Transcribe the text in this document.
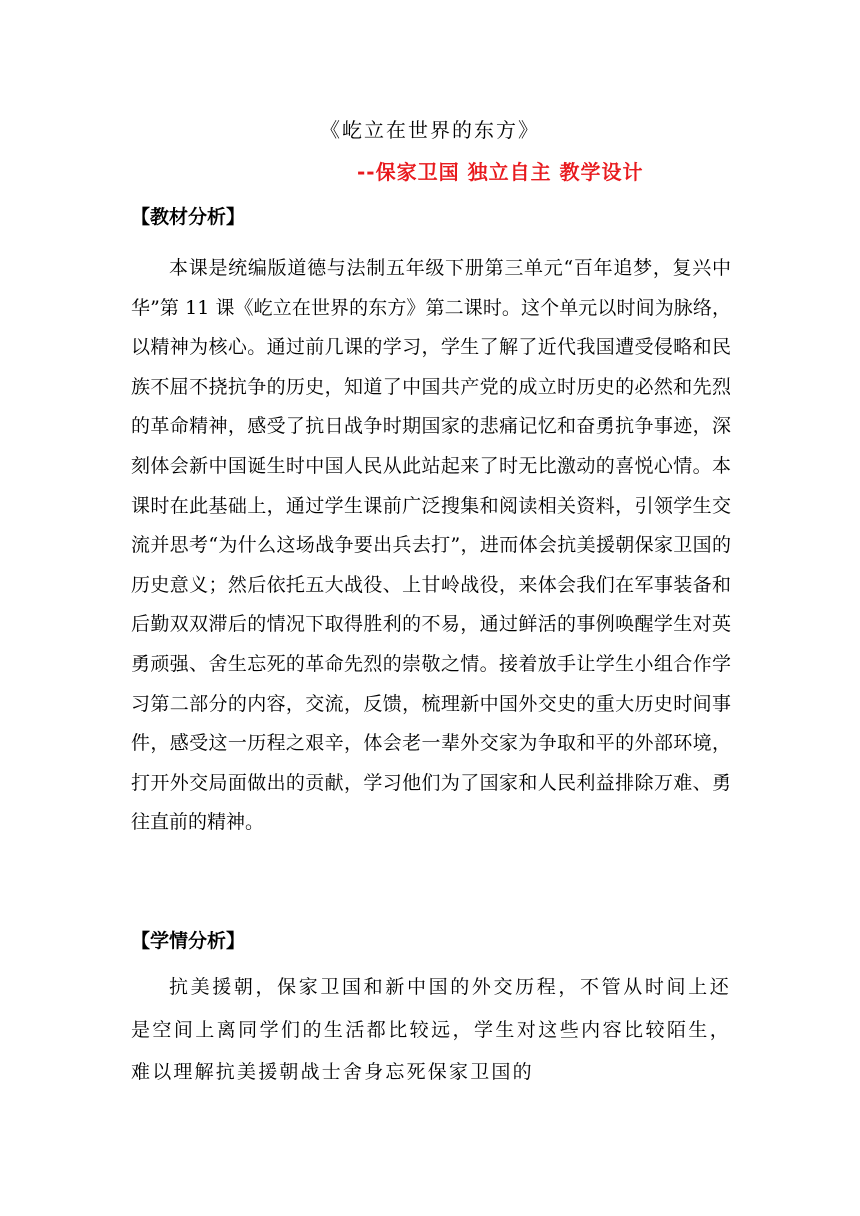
《屹立在世界的东方》
--保家卫国 独立自主 教学设计
【教材分析】

本课是统编版道德与法制五年级下册第三单元“百年追梦，复兴中华”第 11 课《屹立在世界的东方》第二课时。这个单元以时间为脉络，以精神为核心。通过前几课的学习，学生了解了近代我国遭受侵略和民族不屈不挠抗争的历史，知道了中国共产党的成立时历史的必然和先烈的革命精神，感受了抗日战争时期国家的悲痛记忆和奋勇抗争事迹，深刻体会新中国诞生时中国人民从此站起来了时无比激动的喜悦心情。本课时在此基础上，通过学生课前广泛搜集和阅读相关资料，引领学生交流并思考“为什么这场战争要出兵去打”，进而体会抗美援朝保家卫国的历史意义；然后依托五大战役、上甘岭战役，来体会我们在军事装备和后勤双双滞后的情况下取得胜利的不易，通过鲜活的事例唤醒学生对英勇顽强、舍生忘死的革命先烈的崇敬之情。接着放手让学生小组合作学习第二部分的内容，交流，反馈，梳理新中国外交史的重大历史时间事件，感受这一历程之艰辛，体会老一辈外交家为争取和平的外部环境，打开外交局面做出的贡献，学习他们为了国家和人民利益排除万难、勇往直前的精神。

【学情分析】

抗美援朝，保家卫国和新中国的外交历程，不管从时间上还是空间上离同学们的生活都比较远，学生对这些内容比较陌生，难以理解抗美援朝战士舍身忘死保家卫国的
